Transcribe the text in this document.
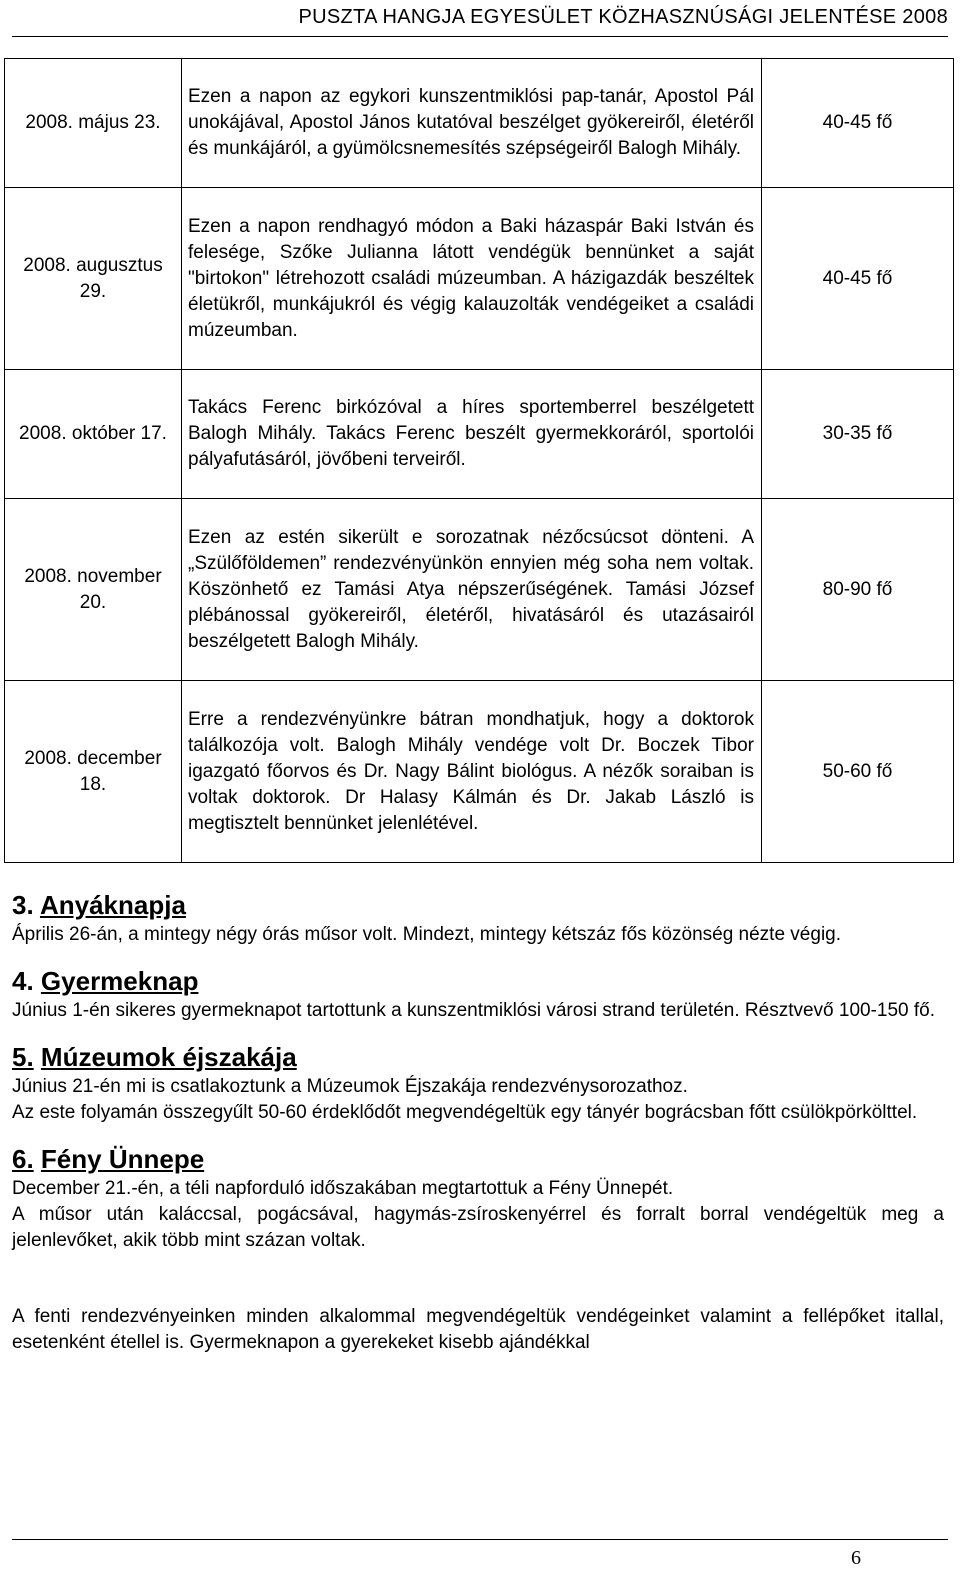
PUSZTA HANGJA EGYESÜLET KÖZHASZNÚSÁGI JELENTÉSE 2008
2008. május 23.	Ezen a napon az egykori kunszentmiklósi pap-tanár, Apostol Pál unokájával, Apostol János kutatóval beszélget gyökereiről, életéről és munkájáról, a gyümölcsnemesítés szépségeiről Balogh Mihály.	40-45 fő
2008. augusztus 29.	Ezen a napon rendhagyó módon a Baki házaspár Baki István és felesége, Szőke Julianna látott vendégük bennünket a saját "birtokon" létrehozott családi múzeumban. A házigazdák beszéltek életükről, munkájukról és végig kalauzolták vendégeiket a családi múzeumban.	40-45 fő
2008. október 17.	Takács Ferenc birkózóval a híres sportemberrel beszélgetett Balogh Mihály. Takács Ferenc beszélt gyermekkoráról, sportolói pályafutásáról, jövőbeni terveiről.	30-35 fő
2008. november 20.	Ezen az estén sikerült e sorozatnak nézőcsúcsot dönteni. A „Szülőföldemen” rendezvényünkön ennyien még soha nem voltak. Köszönhető ez Tamási Atya népszerűségének. Tamási József plébánossal gyökereiről, életéről, hivatásáról és utazásairól beszélgetett Balogh Mihály.	80-90 fő
2008. december 18.	Erre a rendezvényünkre bátran mondhatjuk, hogy a doktorok találkozója volt. Balogh Mihály vendége volt Dr. Boczek Tibor igazgató főorvos és Dr. Nagy Bálint biológus. A nézők soraiban is voltak doktorok. Dr Halasy Kálmán és Dr. Jakab László is megtisztelt bennünket jelenlétével.	50-60 fő
3. Anyáknapja

Április 26-án, a mintegy négy órás műsor volt. Mindezt, mintegy kétszáz fős közönség nézte végig.

4. Gyermeknap

Június 1-én sikeres gyermeknapot tartottunk a kunszentmiklósi városi strand területén. Résztvevő 100-150 fő.

5. Múzeumok éjszakája

Június 21-én mi is csatlakoztunk a Múzeumok Éjszakája rendezvénysorozathoz.

Az este folyamán összegyűlt 50-60 érdeklődőt megvendégeltük egy tányér bográcsban főtt csülökpörkölttel.

6. Fény Ünnepe

December 21.-én, a téli napforduló időszakában megtartottuk a Fény Ünnepét.

A műsor után kaláccsal, pogácsával, hagymás-zsíroskenyérrel és forralt borral vendégeltük meg a jelenlevőket, akik több mint százan voltak.

A fenti rendezvényeinken minden alkalommal megvendégeltük vendégeinket valamint a fellépőket itallal, esetenként étellel is. Gyermeknapon a gyerekeket kisebb ajándékkal

6
